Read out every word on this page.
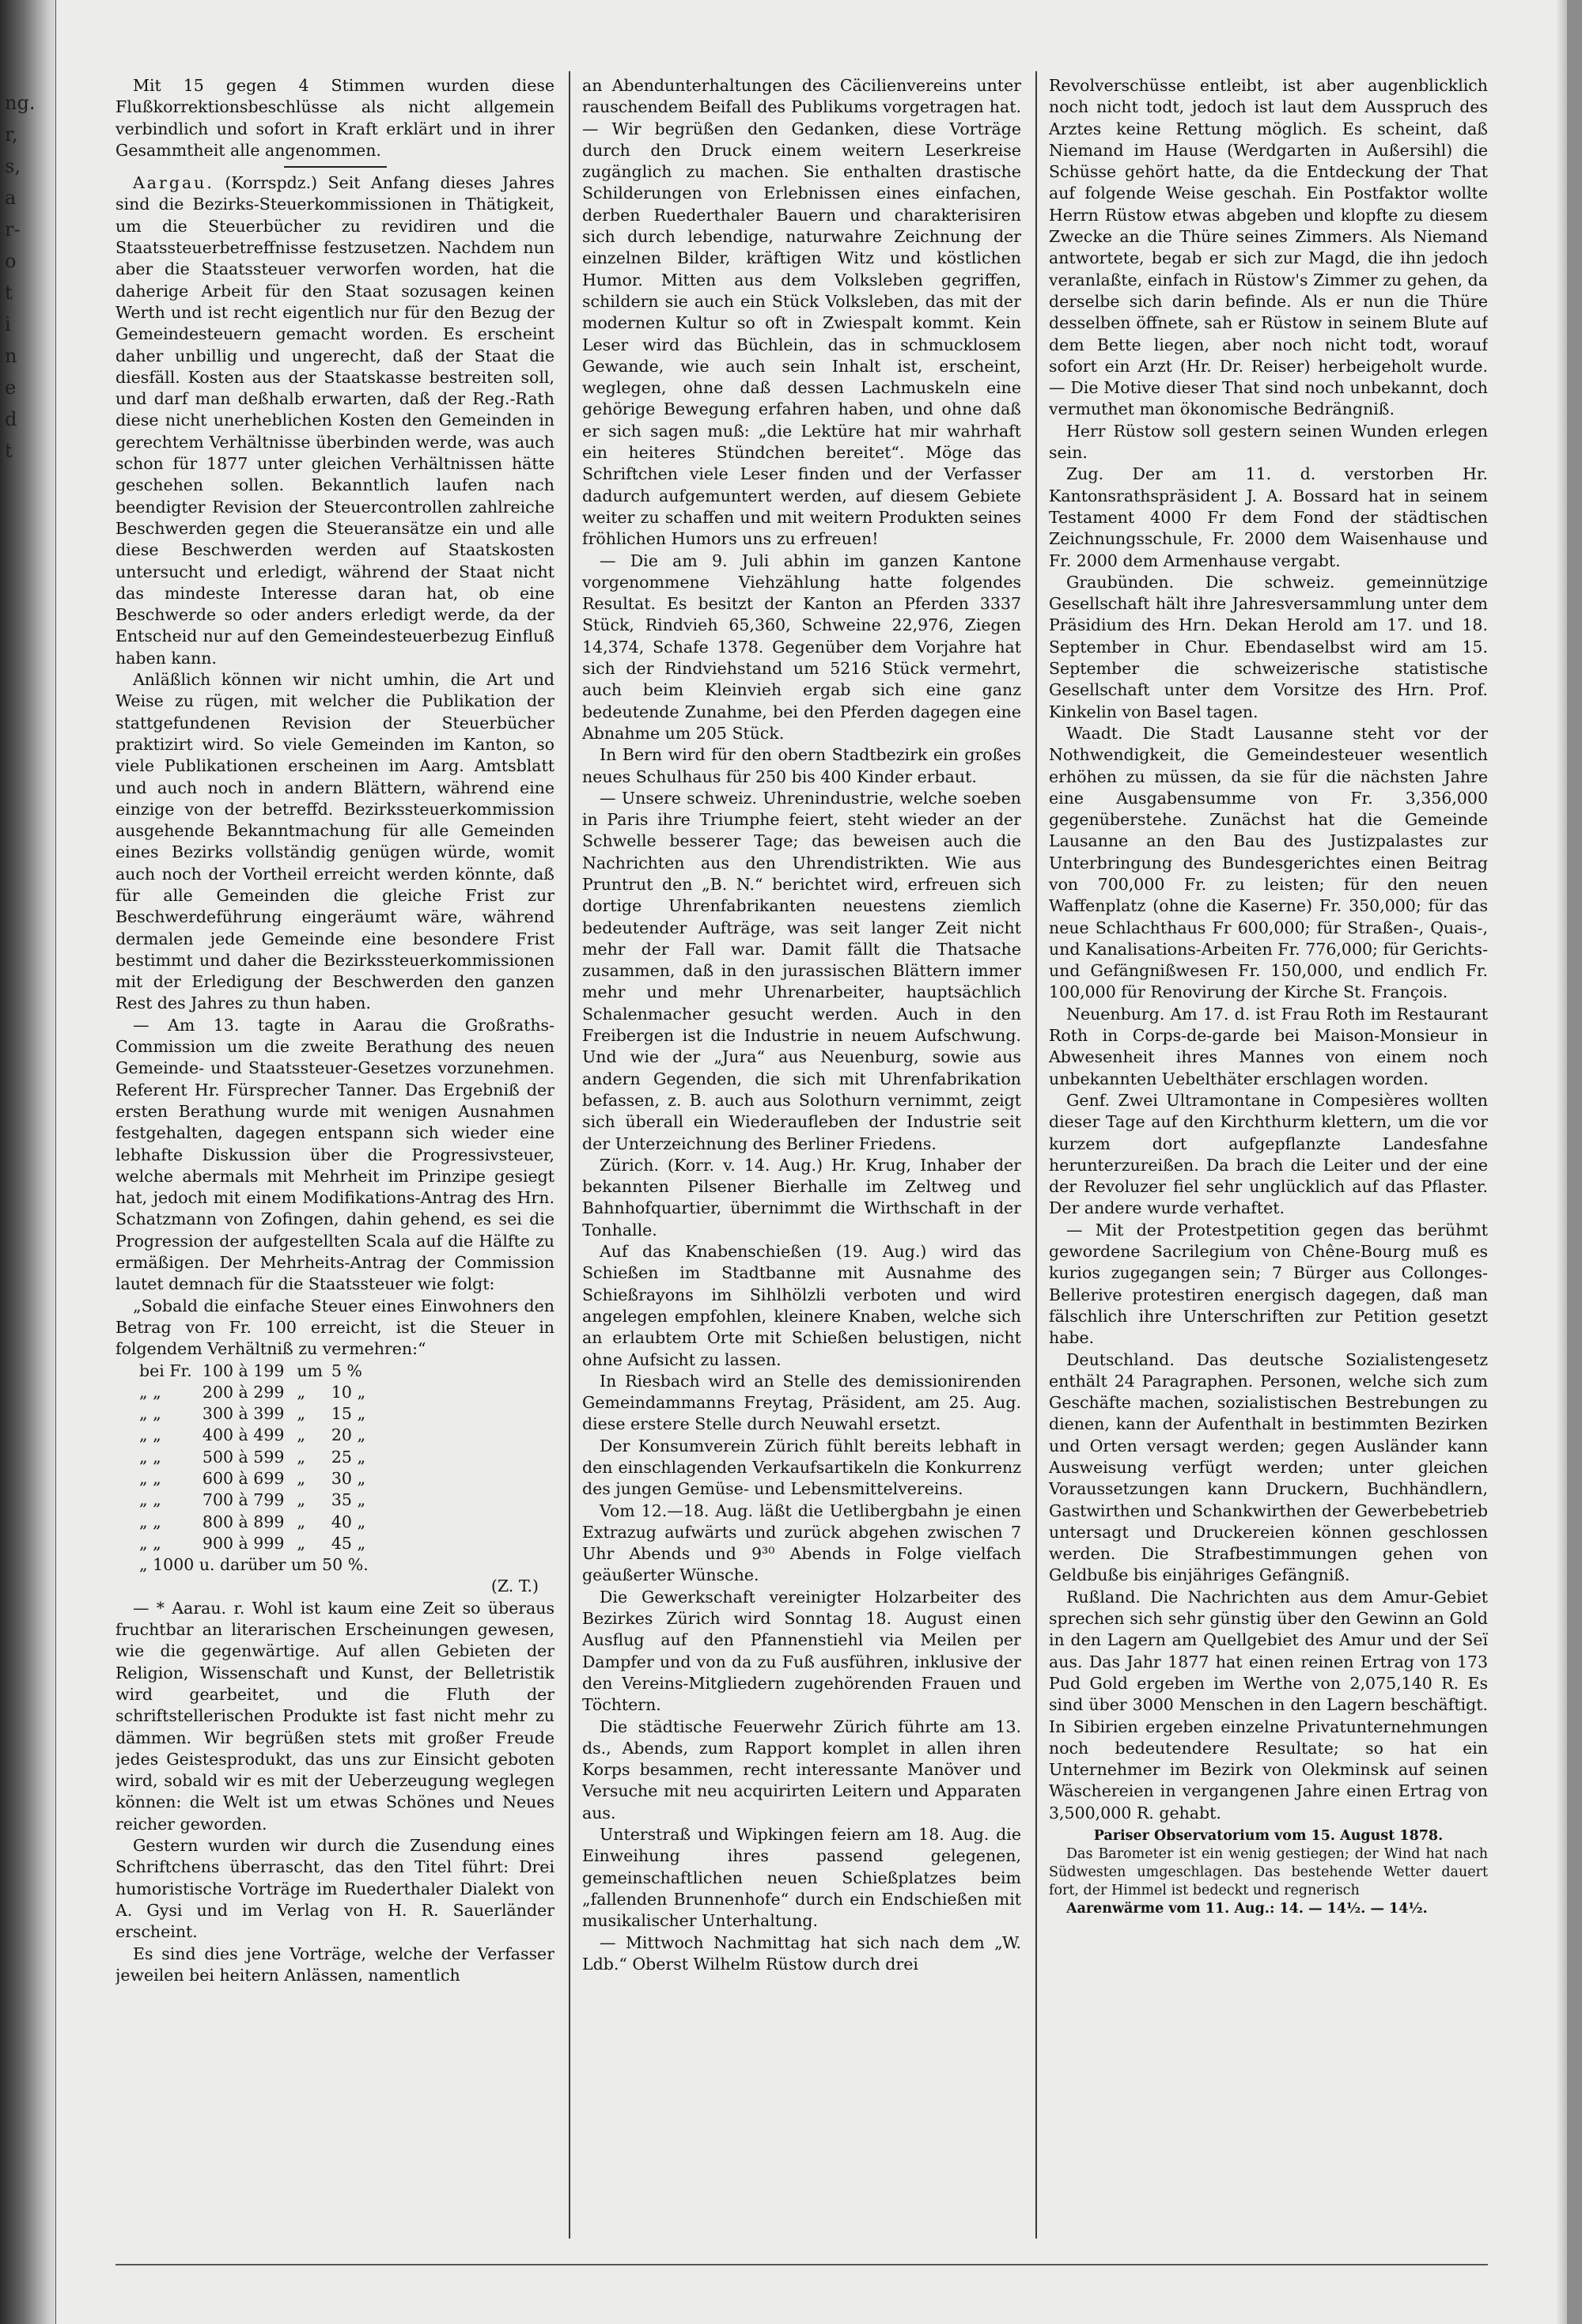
ng.
r,
s,
a
r-
o
t
i
n
e
d
t

Mit 15 gegen 4 Stimmen wurden diese Flußkorrektionsbeschlüsse als nicht allgemein verbindlich und sofort in Kraft erklärt und in ihrer Gesammtheit alle angenommen.

Aargau. (Korrspdz.) Seit Anfang dieses Jahres sind die Bezirks-Steuerkommissionen in Thätigkeit, um die Steuerbücher zu revidiren und die Staatssteuerbetreffnisse festzusetzen. Nachdem nun aber die Staatssteuer verworfen worden, hat die daherige Arbeit für den Staat sozusagen keinen Werth und ist recht eigentlich nur für den Bezug der Gemeindesteuern gemacht worden. Es erscheint daher unbillig und ungerecht, daß der Staat die diesfäll. Kosten aus der Staatskasse bestreiten soll, und darf man deßhalb erwarten, daß der Reg.-Rath diese nicht unerheblichen Kosten den Gemeinden in gerechtem Verhältnisse überbinden werde, was auch schon für 1877 unter gleichen Verhältnissen hätte geschehen sollen. Bekanntlich laufen nach beendigter Revision der Steuercontrollen zahlreiche Beschwerden gegen die Steueransätze ein und alle diese Beschwerden werden auf Staatskosten untersucht und erledigt, während der Staat nicht das mindeste Interesse daran hat, ob eine Beschwerde so oder anders erledigt werde, da der Entscheid nur auf den Gemeindesteuerbezug Einfluß haben kann.

Anläßlich können wir nicht umhin, die Art und Weise zu rügen, mit welcher die Publikation der stattgefundenen Revision der Steuerbücher praktizirt wird. So viele Gemeinden im Kanton, so viele Publikationen erscheinen im Aarg. Amtsblatt und auch noch in andern Blättern, während eine einzige von der betreffd. Bezirkssteuerkommission ausgehende Bekanntmachung für alle Gemeinden eines Bezirks vollständig genügen würde, womit auch noch der Vortheil erreicht werden könnte, daß für alle Gemeinden die gleiche Frist zur Beschwerdeführung eingeräumt wäre, während dermalen jede Gemeinde eine besondere Frist bestimmt und daher die Bezirkssteuerkommissionen mit der Erledigung der Beschwerden den ganzen Rest des Jahres zu thun haben.

— Am 13. tagte in Aarau die Großraths-Commission um die zweite Berathung des neuen Gemeinde- und Staatssteuer-Gesetzes vorzunehmen. Referent Hr. Fürsprecher Tanner. Das Ergebniß der ersten Berathung wurde mit wenigen Ausnahmen festgehalten, dagegen entspann sich wieder eine lebhafte Diskussion über die Progressivsteuer, welche abermals mit Mehrheit im Prinzipe gesiegt hat, jedoch mit einem Modifikations-Antrag des Hrn. Schatzmann von Zofingen, dahin gehend, es sei die Progression der aufgestellten Scala auf die Hälfte zu ermäßigen. Der Mehrheits-Antrag der Commission lautet demnach für die Staatssteuer wie folgt:

„Sobald die einfache Steuer eines Einwohners den Betrag von Fr. 100 erreicht, ist die Steuer in folgendem Verhältniß zu vermehren:“

bei Fr.	100 à 199	um	5 %
„ „	200 à 299	„	10 „
„ „	300 à 399	„	15 „
„ „	400 à 499	„	20 „
„ „	500 à 599	„	25 „
„ „	600 à 699	„	30 „
„ „	700 à 799	„	35 „
„ „	800 à 899	„	40 „
„ „	900 à 999	„	45 „
„ 1000 u. darüber um 50 %.			

(Z. T.)

— * Aarau. r. Wohl ist kaum eine Zeit so überaus fruchtbar an literarischen Erscheinungen gewesen, wie die gegenwärtige. Auf allen Gebieten der Religion, Wissenschaft und Kunst, der Belletristik wird gearbeitet, und die Fluth der schriftstellerischen Produkte ist fast nicht mehr zu dämmen. Wir begrüßen stets mit großer Freude jedes Geistesprodukt, das uns zur Einsicht geboten wird, sobald wir es mit der Ueberzeugung weglegen können: die Welt ist um etwas Schönes und Neues reicher geworden.

Gestern wurden wir durch die Zusendung eines Schriftchens überrascht, das den Titel führt: Drei humoristische Vorträge im Ruederthaler Dialekt von A. Gysi und im Verlag von H. R. Sauerländer erscheint.

Es sind dies jene Vorträge, welche der Verfasser jeweilen bei heitern Anlässen, namentlich

an Abendunterhaltungen des Cäcilienvereins unter rauschendem Beifall des Publikums vorgetragen hat. — Wir begrüßen den Gedanken, diese Vorträge durch den Druck einem weitern Leserkreise zugänglich zu machen. Sie enthalten drastische Schilderungen von Erlebnissen eines einfachen, derben Ruederthaler Bauern und charakterisiren sich durch lebendige, naturwahre Zeichnung der einzelnen Bilder, kräftigen Witz und köstlichen Humor. Mitten aus dem Volksleben gegriffen, schildern sie auch ein Stück Volksleben, das mit der modernen Kultur so oft in Zwiespalt kommt. Kein Leser wird das Büchlein, das in schmucklosem Gewande, wie auch sein Inhalt ist, erscheint, weglegen, ohne daß dessen Lachmuskeln eine gehörige Bewegung erfahren haben, und ohne daß er sich sagen muß: „die Lektüre hat mir wahrhaft ein heiteres Stündchen bereitet“. Möge das Schriftchen viele Leser finden und der Verfasser dadurch aufgemuntert werden, auf diesem Gebiete weiter zu schaffen und mit weitern Produkten seines fröhlichen Humors uns zu erfreuen!

— Die am 9. Juli abhin im ganzen Kantone vorgenommene Viehzählung hatte folgendes Resultat. Es besitzt der Kanton an Pferden 3337 Stück, Rindvieh 65,360, Schweine 22,976, Ziegen 14,374, Schafe 1378. Gegenüber dem Vorjahre hat sich der Rindviehstand um 5216 Stück vermehrt, auch beim Kleinvieh ergab sich eine ganz bedeutende Zunahme, bei den Pferden dagegen eine Abnahme um 205 Stück.

In Bern wird für den obern Stadtbezirk ein großes neues Schulhaus für 250 bis 400 Kinder erbaut.

— Unsere schweiz. Uhrenindustrie, welche soeben in Paris ihre Triumphe feiert, steht wieder an der Schwelle besserer Tage; das beweisen auch die Nachrichten aus den Uhrendistrikten. Wie aus Pruntrut den „B. N.“ berichtet wird, erfreuen sich dortige Uhrenfabrikanten neuestens ziemlich bedeutender Aufträge, was seit langer Zeit nicht mehr der Fall war. Damit fällt die Thatsache zusammen, daß in den jurassischen Blättern immer mehr und mehr Uhrenarbeiter, hauptsächlich Schalenmacher gesucht werden. Auch in den Freibergen ist die Industrie in neuem Aufschwung. Und wie der „Jura“ aus Neuenburg, sowie aus andern Gegenden, die sich mit Uhrenfabrikation befassen, z. B. auch aus Solothurn vernimmt, zeigt sich überall ein Wiederaufleben der Industrie seit der Unterzeichnung des Berliner Friedens.

Zürich. (Korr. v. 14. Aug.) Hr. Krug, Inhaber der bekannten Pilsener Bierhalle im Zeltweg und Bahnhofquartier, übernimmt die Wirthschaft in der Tonhalle.

Auf das Knabenschießen (19. Aug.) wird das Schießen im Stadtbanne mit Ausnahme des Schießrayons im Sihlhölzli verboten und wird angelegen empfohlen, kleinere Knaben, welche sich an erlaubtem Orte mit Schießen belustigen, nicht ohne Aufsicht zu lassen.

In Riesbach wird an Stelle des demissionirenden Gemeindammanns Freytag, Präsident, am 25. Aug. diese erstere Stelle durch Neuwahl ersetzt.

Der Konsumverein Zürich fühlt bereits lebhaft in den einschlagenden Verkaufsartikeln die Konkurrenz des jungen Gemüse- und Lebensmittelvereins.

Vom 12.—18. Aug. läßt die Uetlibergbahn je einen Extrazug aufwärts und zurück abgehen zwischen 7 Uhr Abends und 9³⁰ Abends in Folge vielfach geäußerter Wünsche.

Die Gewerkschaft vereinigter Holzarbeiter des Bezirkes Zürich wird Sonntag 18. August einen Ausflug auf den Pfannenstiehl via Meilen per Dampfer und von da zu Fuß ausführen, inklusive der den Vereins-Mitgliedern zugehörenden Frauen und Töchtern.

Die städtische Feuerwehr Zürich führte am 13. ds., Abends, zum Rapport komplet in allen ihren Korps besammen, recht interessante Manöver und Versuche mit neu acquirirten Leitern und Apparaten aus.

Unterstraß und Wipkingen feiern am 18. Aug. die Einweihung ihres passend gelegenen, gemeinschaftlichen neuen Schießplatzes beim „fallenden Brunnenhofe“ durch ein Endschießen mit musikalischer Unterhaltung.

— Mittwoch Nachmittag hat sich nach dem „W. Ldb.“ Oberst Wilhelm Rüstow durch drei

Revolverschüsse entleibt, ist aber augenblicklich noch nicht todt, jedoch ist laut dem Ausspruch des Arztes keine Rettung möglich. Es scheint, daß Niemand im Hause (Werdgarten in Außersihl) die Schüsse gehört hatte, da die Entdeckung der That auf folgende Weise geschah. Ein Postfaktor wollte Herrn Rüstow etwas abgeben und klopfte zu diesem Zwecke an die Thüre seines Zimmers. Als Niemand antwortete, begab er sich zur Magd, die ihn jedoch veranlaßte, einfach in Rüstow's Zimmer zu gehen, da derselbe sich darin befinde. Als er nun die Thüre desselben öffnete, sah er Rüstow in seinem Blute auf dem Bette liegen, aber noch nicht todt, worauf sofort ein Arzt (Hr. Dr. Reiser) herbeigeholt wurde. — Die Motive dieser That sind noch unbekannt, doch vermuthet man ökonomische Bedrängniß.

Herr Rüstow soll gestern seinen Wunden erlegen sein.

Zug. Der am 11. d. verstorben Hr. Kantonsrathspräsident J. A. Bossard hat in seinem Testament 4000 Fr dem Fond der städtischen Zeichnungsschule, Fr. 2000 dem Waisenhause und Fr. 2000 dem Armenhause vergabt.

Graubünden. Die schweiz. gemeinnützige Gesellschaft hält ihre Jahresversammlung unter dem Präsidium des Hrn. Dekan Herold am 17. und 18. September in Chur. Ebendaselbst wird am 15. September die schweizerische statistische Gesellschaft unter dem Vorsitze des Hrn. Prof. Kinkelin von Basel tagen.

Waadt. Die Stadt Lausanne steht vor der Nothwendigkeit, die Gemeindesteuer wesentlich erhöhen zu müssen, da sie für die nächsten Jahre eine Ausgabensumme von Fr. 3,356,000 gegenüberstehe. Zunächst hat die Gemeinde Lausanne an den Bau des Justizpalastes zur Unterbringung des Bundesgerichtes einen Beitrag von 700,000 Fr. zu leisten; für den neuen Waffenplatz (ohne die Kaserne) Fr. 350,000; für das neue Schlachthaus Fr 600,000; für Straßen-, Quais-, und Kanalisations-Arbeiten Fr. 776,000; für Gerichts- und Gefängnißwesen Fr. 150,000, und endlich Fr. 100,000 für Renovirung der Kirche St. François.

Neuenburg. Am 17. d. ist Frau Roth im Restaurant Roth in Corps-de-garde bei Maison-Monsieur in Abwesenheit ihres Mannes von einem noch unbekannten Uebelthäter erschlagen worden.

Genf. Zwei Ultramontane in Compesières wollten dieser Tage auf den Kirchthurm klettern, um die vor kurzem dort aufgepflanzte Landesfahne herunterzureißen. Da brach die Leiter und der eine der Revoluzer fiel sehr unglücklich auf das Pflaster. Der andere wurde verhaftet.

— Mit der Protestpetition gegen das berühmt gewordene Sacrilegium von Chêne-Bourg muß es kurios zugegangen sein; 7 Bürger aus Collonges-Bellerive protestiren energisch dagegen, daß man fälschlich ihre Unterschriften zur Petition gesetzt habe.

Deutschland. Das deutsche Sozialistengesetz enthält 24 Paragraphen. Personen, welche sich zum Geschäfte machen, sozialistischen Bestrebungen zu dienen, kann der Aufenthalt in bestimmten Bezirken und Orten versagt werden; gegen Ausländer kann Ausweisung verfügt werden; unter gleichen Voraussetzungen kann Druckern, Buchhändlern, Gastwirthen und Schankwirthen der Gewerbebetrieb untersagt und Druckereien können geschlossen werden. Die Strafbestimmungen gehen von Geldbuße bis einjähriges Gefängniß.

Rußland. Die Nachrichten aus dem Amur-Gebiet sprechen sich sehr günstig über den Gewinn an Gold in den Lagern am Quellgebiet des Amur und der Seï aus. Das Jahr 1877 hat einen reinen Ertrag von 173 Pud Gold ergeben im Werthe von 2,075,140 R. Es sind über 3000 Menschen in den Lagern beschäftigt. In Sibirien ergeben einzelne Privatunternehmungen noch bedeutendere Resultate; so hat ein Unternehmer im Bezirk von Olekminsk auf seinen Wäschereien in vergangenen Jahre einen Ertrag von 3,500,000 R. gehabt.

Pariser Observatorium vom 15. August 1878.

Das Barometer ist ein wenig gestiegen; der Wind hat nach Südwesten umgeschlagen. Das bestehende Wetter dauert fort, der Himmel ist bedeckt und regnerisch

Aarenwärme vom 11. Aug.: 14. — 14½. — 14½.
